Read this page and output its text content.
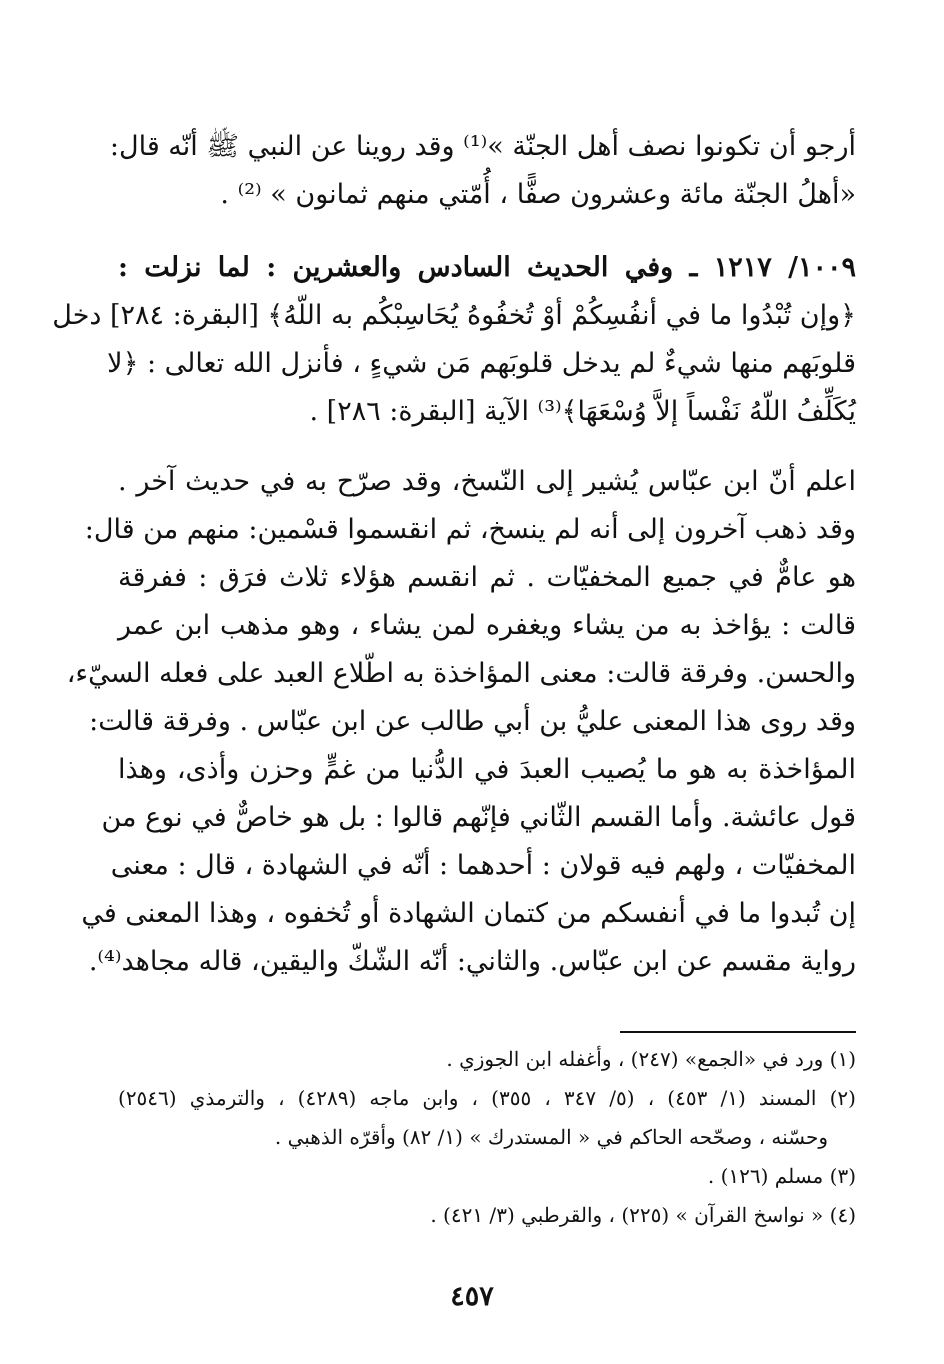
أرجو أن تكونوا نصف أهل الجنّة »⁽¹⁾ وقد روينا عن النبي ﷺ أنّه قال:
«أهلُ الجنّة مائة وعشرون صفًّا ، أُمّتي منهم ثمانون » ⁽²⁾ .
١٠٠٩/ ١٢١٧ ـ وفي الحديث السادس والعشرين : لما نزلت :
﴿وإن تُبْدُوا ما في أنفُسِكُمْ أوْ تُخفُوهُ يُحَاسِبْكُم به اللّهُ﴾ [البقرة: ٢٨٤] دخل
قلوبَهم منها شيءٌ لم يدخل قلوبَهم مَن شيءٍ ، فأنزل الله تعالى : ﴿لا
يُكَلِّفُ اللّهُ نَفْساً إلاَّ وُسْعَهَا﴾⁽³⁾ الآية [البقرة: ٢٨٦] .
اعلم أنّ ابن عبّاس يُشير إلى النّسخ، وقد صرّح به في حديث آخر .
وقد ذهب آخرون إلى أنه لم ينسخ، ثم انقسموا قسْمين: منهم من قال:
هو عامٌّ في جميع المخفيّات . ثم انقسم هؤلاء ثلاث فرَق : ففرقة
قالت : يؤاخذ به من يشاء ويغفره لمن يشاء ، وهو مذهب ابن عمر
والحسن. وفرقة قالت: معنى المؤاخذة به اطّلاع العبد على فعله السيّء،
وقد روى هذا المعنى عليُّ بن أبي طالب عن ابن عبّاس . وفرقة قالت:
المؤاخذة به هو ما يُصيب العبدَ في الدُّنيا من غمٍّ وحزن وأذى، وهذا
قول عائشة. وأما القسم الثّاني فإنّهم قالوا : بل هو خاصٌّ في نوع من
المخفيّات ، ولهم فيه قولان : أحدهما : أنّه في الشهادة ، قال : معنى
إن تُبدوا ما في أنفسكم من كتمان الشهادة أو تُخفوه ، وهذا المعنى في
رواية مقسم عن ابن عبّاس. والثاني: أنّه الشّكّ واليقين، قاله مجاهد⁽⁴⁾.
(١) ورد في «الجمع» (٢٤٧) ، وأغفله ابن الجوزي .
(٢) المسند (١/ ٤٥٣) ، (٥/ ٣٤٧ ، ٣٥٥) ، وابن ماجه (٤٢٨٩) ، والترمذي (٢٥٤٦)
وحسّنه ، وصحّحه الحاكم في « المستدرك » (١/ ٨٢) وأقرّه الذهبي .
(٣) مسلم (١٢٦) .
(٤) « نواسخ القرآن » (٢٢٥) ، والقرطبي (٣/ ٤٢١) .
٤٥٧
